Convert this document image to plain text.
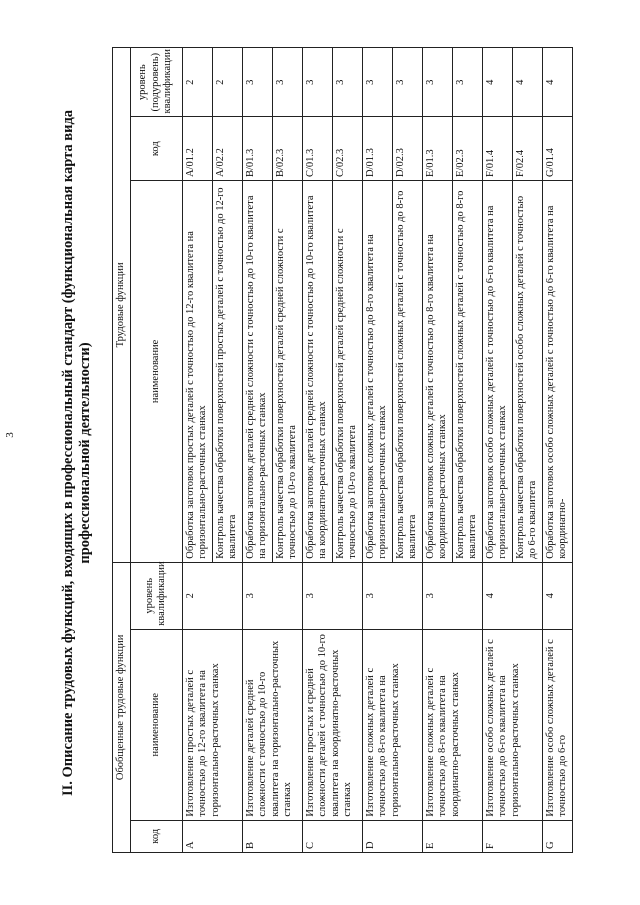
3	II. Описание трудовых функций, входящих в профессиональный стандарт (функциональная карта вида профессиональной деятельности)
Обобщенные трудовые функции			Трудовые функции		
код	наименование	уровень квалификации	наименование	код	уровень (подуровень) квалификации
A	Изготовление простых деталей с точностью до 12-го квалитета на горизонтально-расточных станках	2	Обработка заготовок простых деталей с точностью до 12-го квалитета на горизонтально-расточных станках	A/01.2	2
			Контроль качества обработки поверхностей простых деталей с точностью до 12-го квалитета	A/02.2	2
B	Изготовление деталей средней сложности с точностью до 10-го квалитета на горизонтально-расточных станках	3	Обработка заготовок деталей средней сложности с точностью до 10-го квалитета на горизонтально-расточных станках	B/01.3	3
			Контроль качества обработки поверхностей деталей средней сложности с точностью до 10-го квалитета	B/02.3	3
C	Изготовление простых и средней сложности деталей с точностью до 10-го квалитета на координатно-расточных станках	3	Обработка заготовок деталей средней сложности с точностью до 10-го квалитета на координатно-расточных станках	C/01.3	3
			Контроль качества обработки поверхностей деталей средней сложности с точностью до 10-го квалитета	C/02.3	3
D	Изготовление сложных деталей с точностью до 8-го квалитета на горизонтально-расточных станках	3	Обработка заготовок сложных деталей с точностью до 8-го квалитета на горизонтально-расточных станках	D/01.3	3
			Контроль качества обработки поверхностей сложных деталей с точностью до 8-го квалитета	D/02.3	3
E	Изготовление сложных деталей с точностью до 8-го квалитета на координатно-расточных станках	3	Обработка заготовок сложных деталей с точностью до 8-го квалитета на координатно-расточных станках	E/01.3	3
			Контроль качества обработки поверхностей сложных деталей с точностью до 8-го квалитета	E/02.3	3
F	Изготовление особо сложных деталей с точностью до 6-го квалитета на горизонтально-расточных станках	4	Обработка заготовок особо сложных деталей с точностью до 6-го квалитета на горизонтально-расточных станках	F/01.4	4
			Контроль качества обработки поверхностей особо сложных деталей с точностью до 6-го квалитета	F/02.4	4
G	Изготовление особо сложных деталей с точностью до 6-го	4	Обработка заготовок особо сложных деталей с точностью до 6-го квалитета на координатно-	G/01.4	4
